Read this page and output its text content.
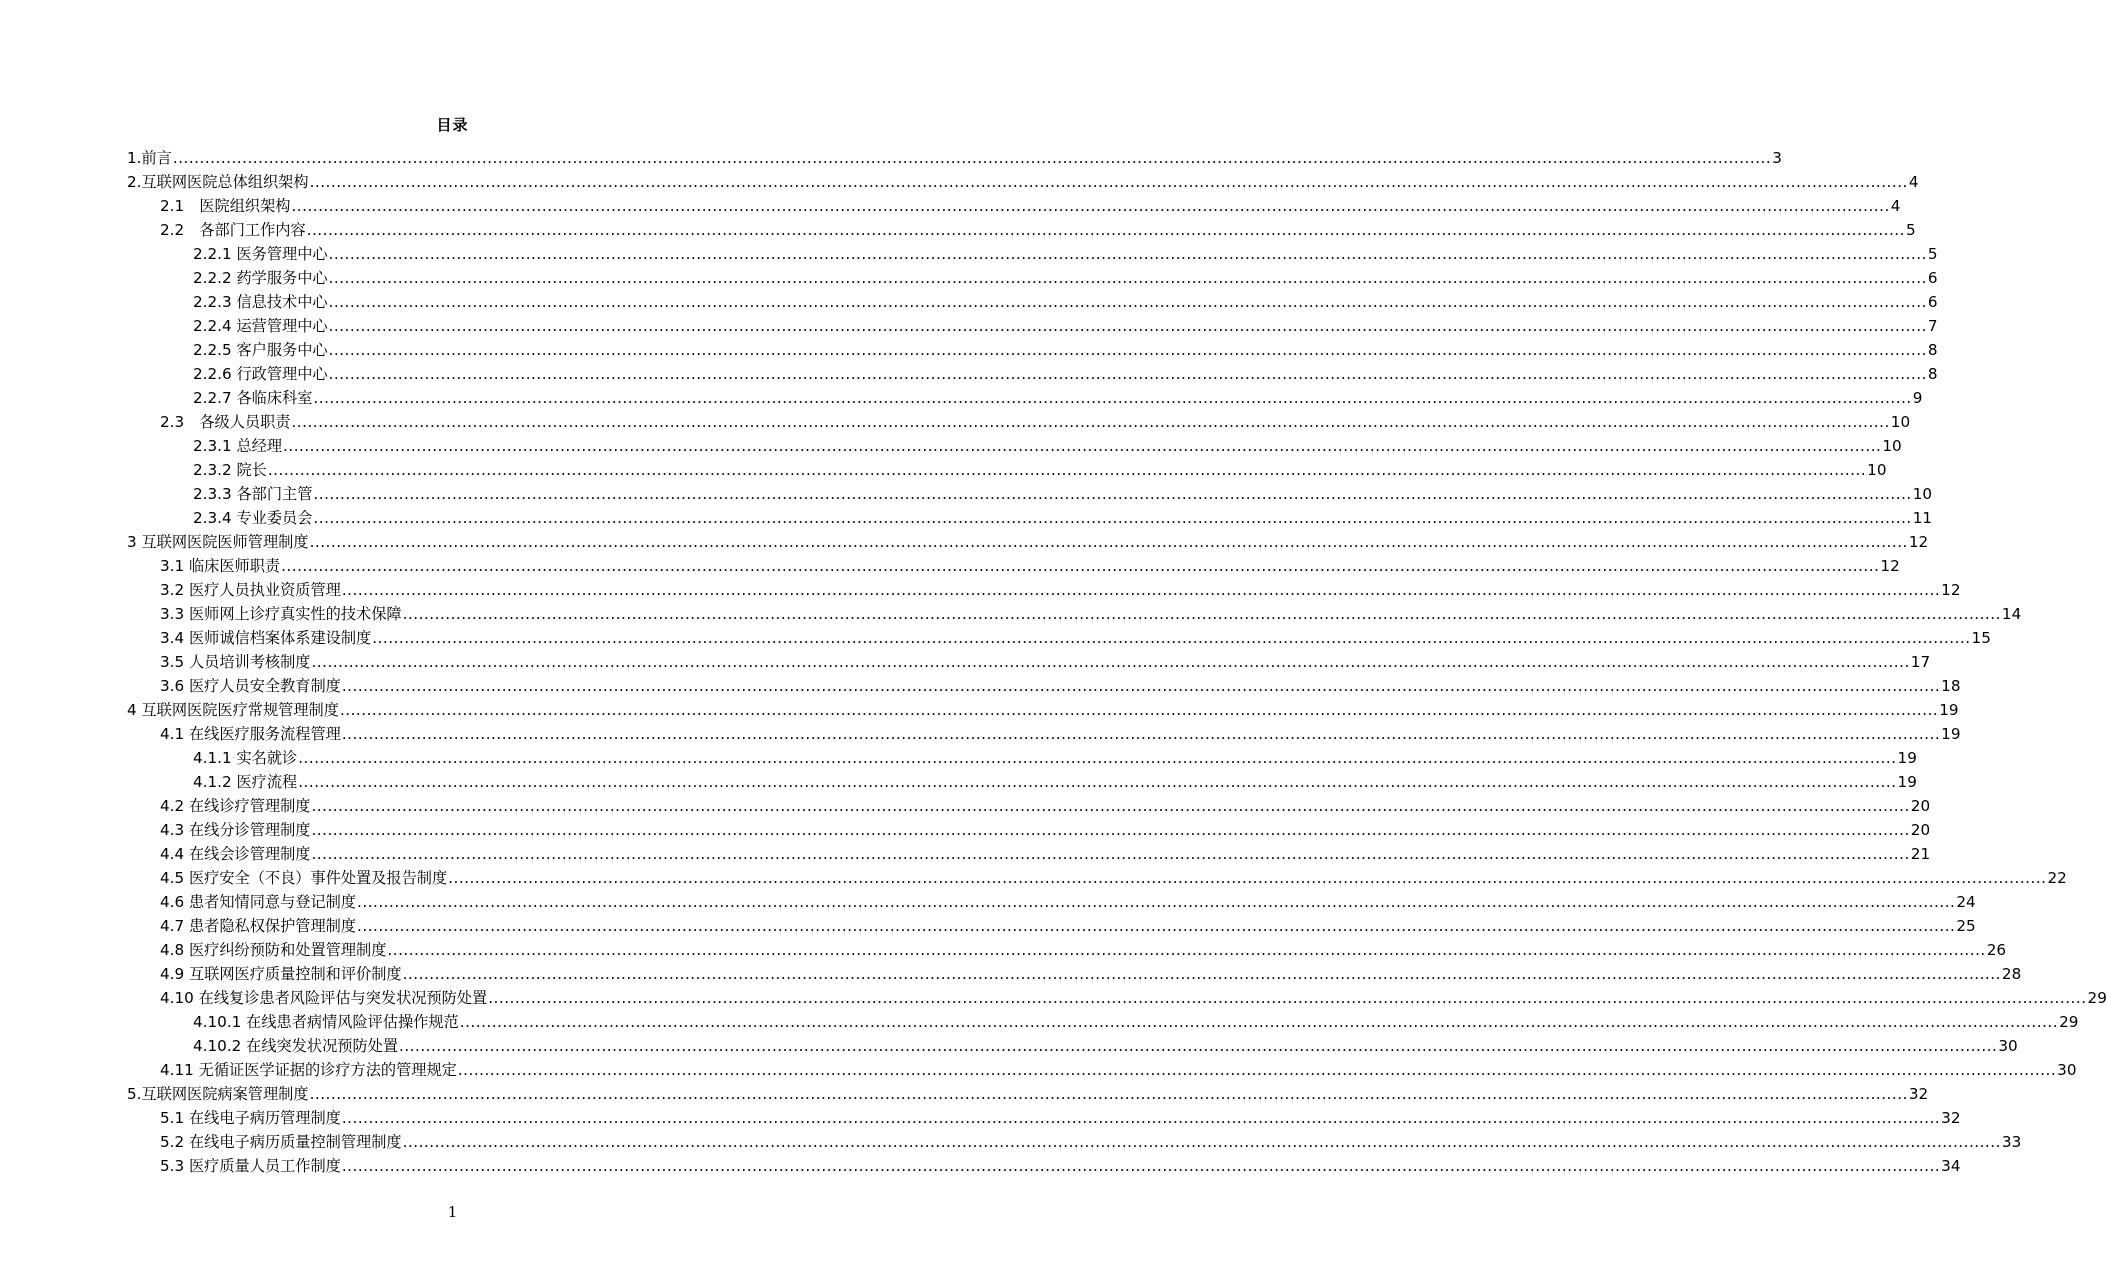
目录
1.前言 ............................................................................................................................................................................................................................................................................................................ 3
2.互联网医院总体组织架构 ............................................................................................................................................................................................................................................................................................................ 4
2.1　医院组织架构 ............................................................................................................................................................................................................................................................................................................ 4
2.2　各部门工作内容 ............................................................................................................................................................................................................................................................................................................ 5
2.2.1 医务管理中心 ............................................................................................................................................................................................................................................................................................................ 5
2.2.2 药学服务中心 ............................................................................................................................................................................................................................................................................................................ 6
2.2.3 信息技术中心 ............................................................................................................................................................................................................................................................................................................ 6
2.2.4 运营管理中心 ............................................................................................................................................................................................................................................................................................................ 7
2.2.5 客户服务中心 ............................................................................................................................................................................................................................................................................................................ 8
2.2.6 行政管理中心 ............................................................................................................................................................................................................................................................................................................ 8
2.2.7 各临床科室 ............................................................................................................................................................................................................................................................................................................ 9
2.3　各级人员职责 ............................................................................................................................................................................................................................................................................................................ 10
2.3.1 总经理 ............................................................................................................................................................................................................................................................................................................ 10
2.3.2 院长 ............................................................................................................................................................................................................................................................................................................ 10
2.3.3 各部门主管 ............................................................................................................................................................................................................................................................................................................ 10
2.3.4 专业委员会 ............................................................................................................................................................................................................................................................................................................ 11
3 互联网医院医师管理制度 ............................................................................................................................................................................................................................................................................................................ 12
3.1 临床医师职责 ............................................................................................................................................................................................................................................................................................................ 12
3.2 医疗人员执业资质管理 ............................................................................................................................................................................................................................................................................................................ 12
3.3 医师网上诊疗真实性的技术保障 ............................................................................................................................................................................................................................................................................................................ 14
3.4 医师诚信档案体系建设制度 ............................................................................................................................................................................................................................................................................................................ 15
3.5 人员培训考核制度 ............................................................................................................................................................................................................................................................................................................ 17
3.6 医疗人员安全教育制度 ............................................................................................................................................................................................................................................................................................................ 18
4 互联网医院医疗常规管理制度 ............................................................................................................................................................................................................................................................................................................ 19
4.1 在线医疗服务流程管理 ............................................................................................................................................................................................................................................................................................................ 19
4.1.1 实名就诊 ............................................................................................................................................................................................................................................................................................................ 19
4.1.2 医疗流程 ............................................................................................................................................................................................................................................................................................................ 19
4.2 在线诊疗管理制度 ............................................................................................................................................................................................................................................................................................................ 20
4.3 在线分诊管理制度 ............................................................................................................................................................................................................................................................................................................ 20
4.4 在线会诊管理制度 ............................................................................................................................................................................................................................................................................................................ 21
4.5 医疗安全（不良）事件处置及报告制度 ............................................................................................................................................................................................................................................................................................................ 22
4.6 患者知情同意与登记制度 ............................................................................................................................................................................................................................................................................................................ 24
4.7 患者隐私权保护管理制度 ............................................................................................................................................................................................................................................................................................................ 25
4.8 医疗纠纷预防和处置管理制度 ............................................................................................................................................................................................................................................................................................................ 26
4.9 互联网医疗质量控制和评价制度 ............................................................................................................................................................................................................................................................................................................ 28
4.10 在线复诊患者风险评估与突发状况预防处置 ............................................................................................................................................................................................................................................................................................................ 29
4.10.1 在线患者病情风险评估操作规范 ............................................................................................................................................................................................................................................................................................................ 29
4.10.2 在线突发状况预防处置 ............................................................................................................................................................................................................................................................................................................ 30
4.11 无循证医学证据的诊疗方法的管理规定 ............................................................................................................................................................................................................................................................................................................ 30
5.互联网医院病案管理制度 ............................................................................................................................................................................................................................................................................................................ 32
5.1 在线电子病历管理制度 ............................................................................................................................................................................................................................................................................................................ 32
5.2 在线电子病历质量控制管理制度 ............................................................................................................................................................................................................................................................................................................ 33
5.3 医疗质量人员工作制度 ............................................................................................................................................................................................................................................................................................................ 34
1
